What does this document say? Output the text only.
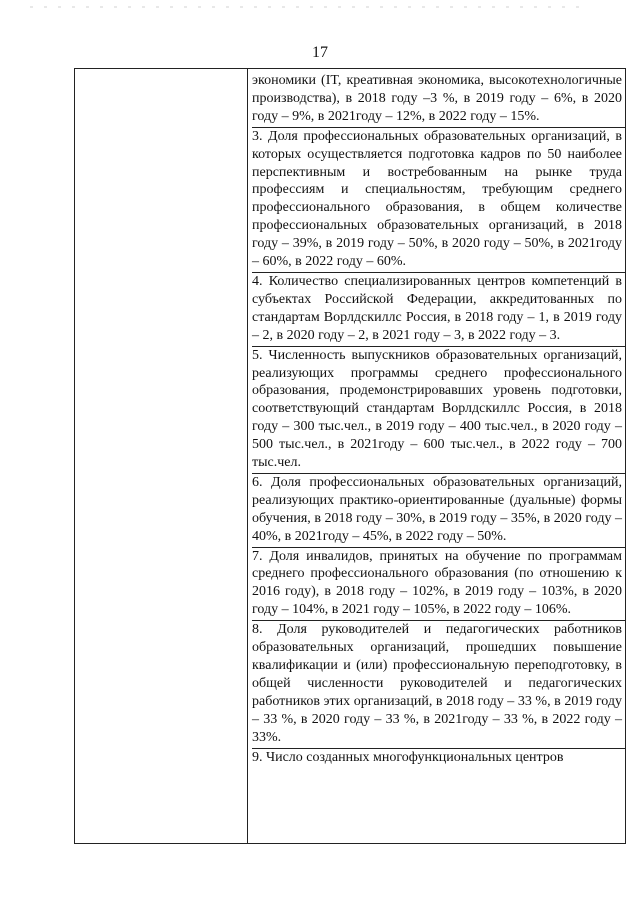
17

экономики (IT, креативная экономика, высокотехнологичные производства), в 2018 году –3 %, в 2019 году – 6%, в 2020 году – 9%, в 2021году – 12%, в 2022 году – 15%.

3. Доля профессиональных образовательных организаций, в которых осуществляется подготовка кадров по 50 наиболее перспективным и востребованным на рынке труда профессиям и специальностям, требующим среднего профессионального образования, в общем количестве профессиональных образовательных организаций, в 2018 году – 39%, в 2019 году – 50%, в 2020 году – 50%, в 2021году – 60%, в 2022 году – 60%.

4. Количество специализированных центров компетенций в субъектах Российской Федерации, аккредитованных по стандартам Ворлдскиллс Россия, в 2018 году – 1, в 2019 году – 2, в 2020 году – 2, в 2021 году – 3, в 2022 году – 3.

5. Численность выпускников образовательных организаций, реализующих программы среднего профессионального образования, продемонстрировавших уровень подготовки, соответствующий стандартам Ворлдскиллс Россия, в 2018 году – 300 тыс.чел., в 2019 году – 400 тыс.чел., в 2020 году – 500 тыс.чел., в 2021году – 600 тыс.чел., в 2022 году – 700 тыс.чел.

6. Доля профессиональных образовательных организаций, реализующих практико-ориентированные (дуальные) формы обучения, в 2018 году – 30%, в 2019 году – 35%, в 2020 году – 40%, в 2021году – 45%, в 2022 году – 50%.

7. Доля инвалидов, принятых на обучение по программам среднего профессионального образования (по отношению к 2016 году), в 2018 году – 102%, в 2019 году – 103%, в 2020 году – 104%, в 2021 году – 105%, в 2022 году – 106%.

8. Доля руководителей и педагогических работников образовательных организаций, прошедших повышение квалификации и (или) профессиональную переподготовку, в общей численности руководителей и педагогических работников этих организаций, в 2018 году – 33 %, в 2019 году – 33 %, в 2020 году – 33 %, в 2021году – 33 %, в 2022 году – 33%.

9. Число созданных многофункциональных центров
